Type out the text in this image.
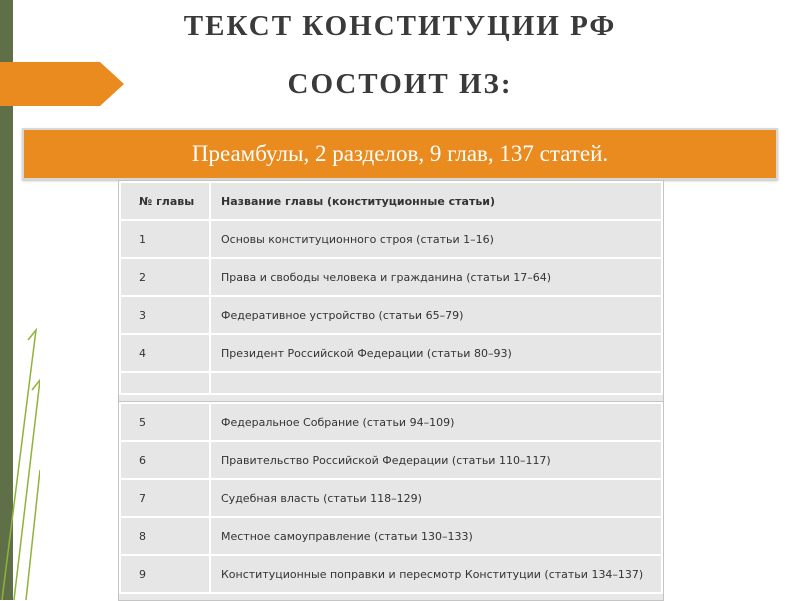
ТЕКСТ КОНСТИТУЦИИ РФ
СОСТОИТ ИЗ:
Преамбулы, 2 разделов, 9 глав, 137 статей.
№ главы	Название главы (конституционные статьи)
1	Основы конституционного строя (статьи 1–16)
2	Права и свободы человека и гражданина (статьи 17–64)
3	Федеративное устройство (статьи 65–79)
4	Президент Российской Федерации (статьи 80–93)

5	Федеральное Собрание (статьи 94–109)
6	Правительство Российской Федерации (статьи 110–117)
7	Судебная власть (статьи 118–129)
8	Местное самоуправление (статьи 130–133)
9	Конституционные поправки и пересмотр Конституции (статьи 134–137)
